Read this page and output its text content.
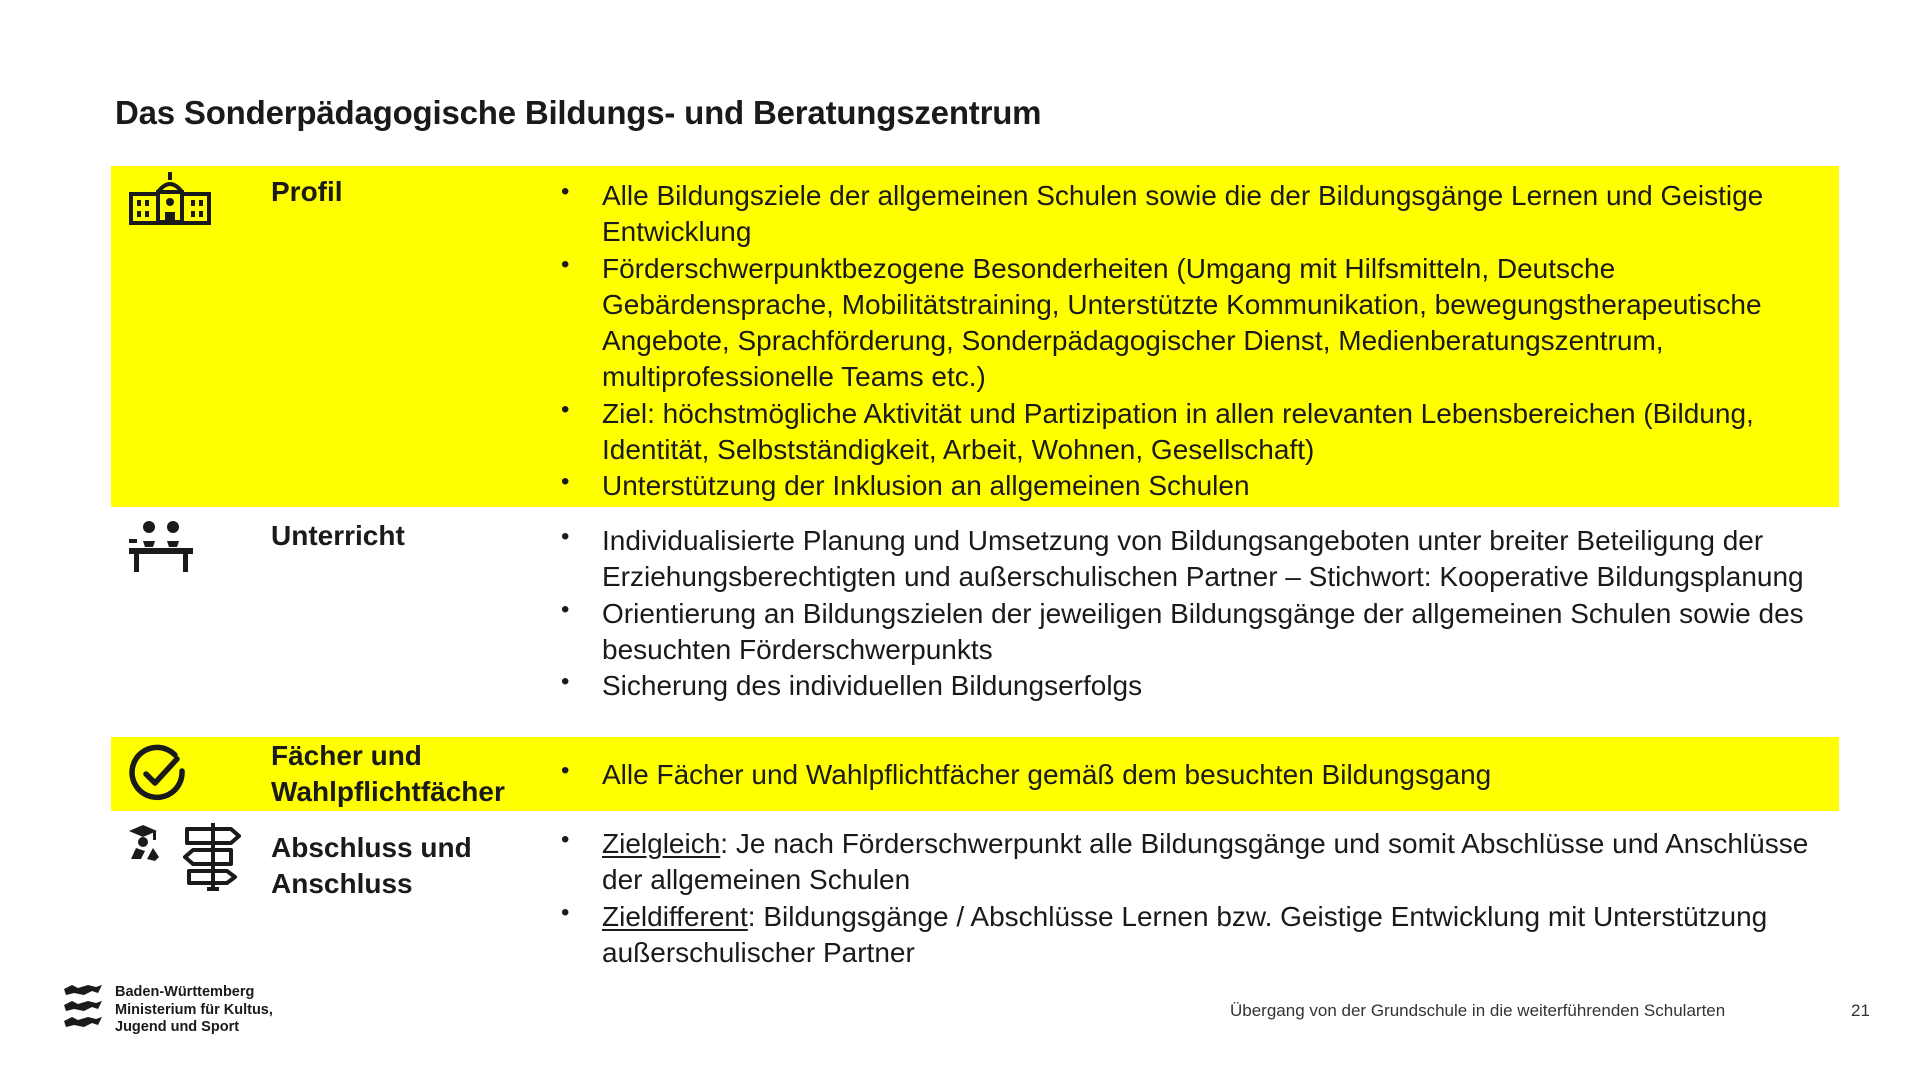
Das Sonderpädagogische Bildungs- und Beratungszentrum
Profil	• Alle Bildungsziele der allgemeinen Schulen sowie die der Bildungsgänge Lernen und Geistige Entwicklung
• Förderschwerpunktbezogene Besonderheiten (Umgang mit Hilfsmitteln, Deutsche Gebärdensprache, Mobilitätstraining, Unterstützte Kommunikation, bewegungstherapeutische Angebote, Sprachförderung, Sonderpädagogischer Dienst, Medienberatungszentrum, multiprofessionelle Teams etc.)
• Ziel: höchstmögliche Aktivität und Partizipation in allen relevanten Lebensbereichen (Bildung, Identität, Selbstständigkeit, Arbeit, Wohnen, Gesellschaft)
• Unterstützung der Inklusion an allgemeinen Schulen
Unterricht	• Individualisierte Planung und Umsetzung von Bildungsangeboten unter breiter Beteiligung der Erziehungsberechtigten und außerschulischen Partner – Stichwort: Kooperative Bildungsplanung
• Orientierung an Bildungszielen der jeweiligen Bildungsgänge der allgemeinen Schulen sowie des besuchten Förderschwerpunkts
• Sicherung des individuellen Bildungserfolgs
Fächer und Wahlpflichtfächer
• Alle Fächer und Wahlpflichtfächer gemäß dem besuchten Bildungsgang
Abschluss und Anschluss
• Zielgleich: Je nach Förderschwerpunkt alle Bildungsgänge und somit Abschlüsse und Anschlüsse der allgemeinen Schulen
• Zieldifferent: Bildungsgänge / Abschlüsse Lernen bzw. Geistige Entwicklung mit Unterstützung außerschulischer Partner
Baden-Württemberg
Ministerium für Kultus,
Jugend und Sport
Übergang von der Grundschule in die weiterführenden Schularten	21
